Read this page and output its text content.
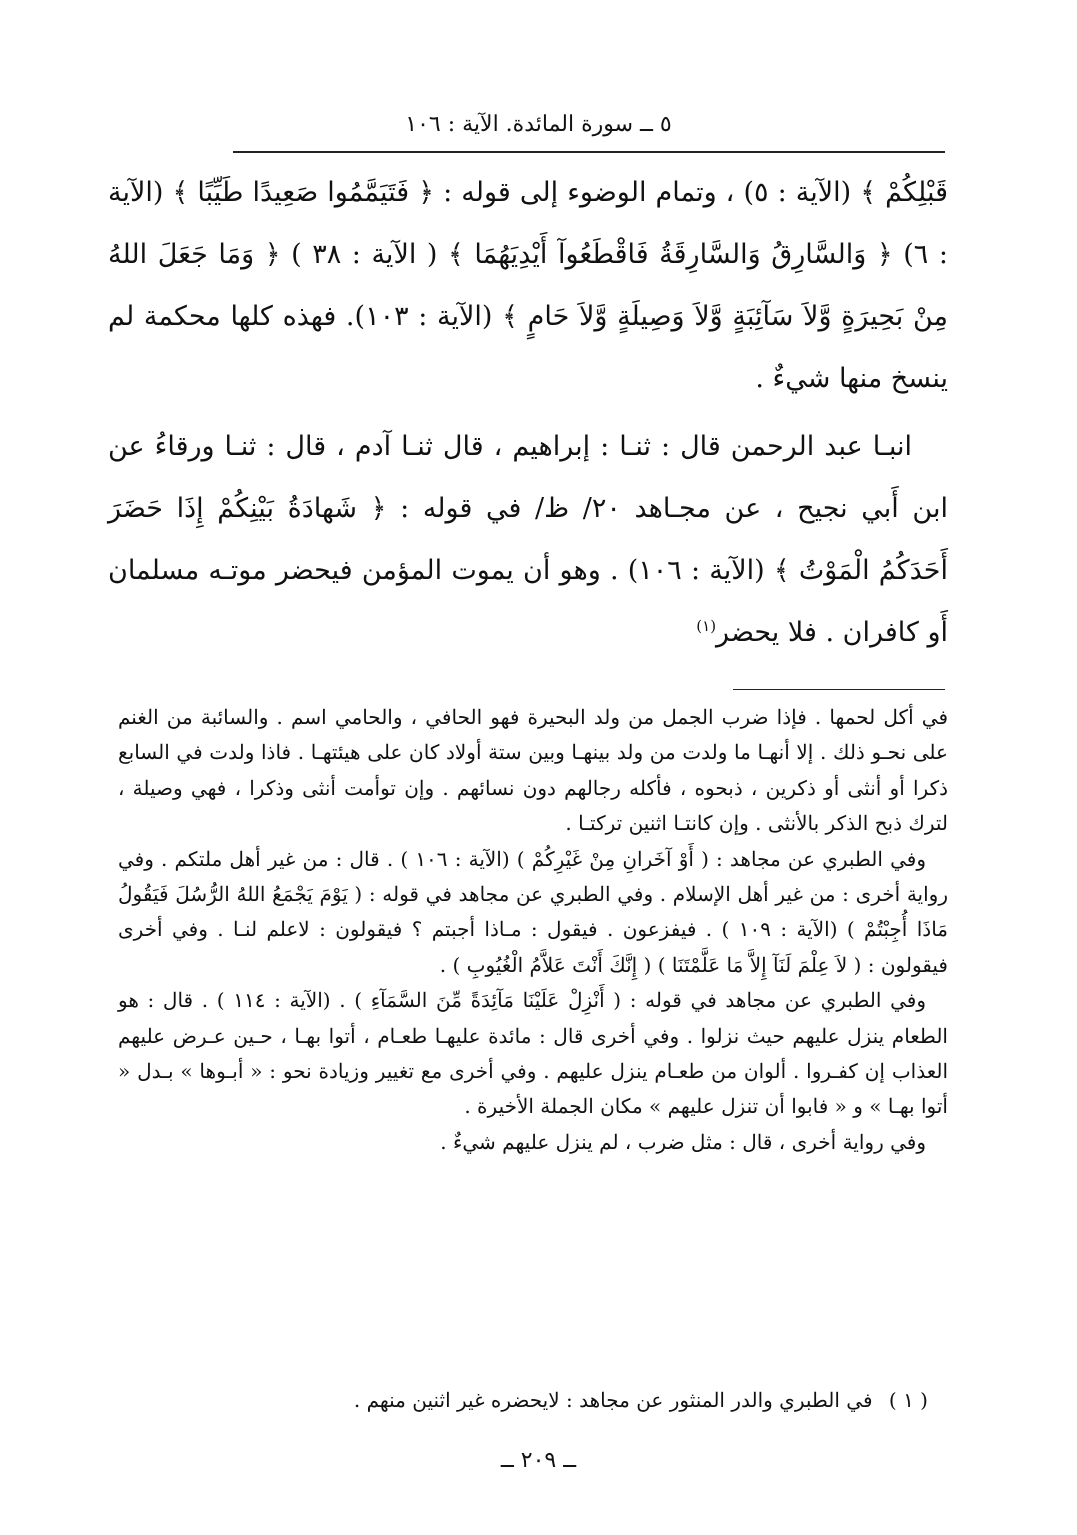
٥ ــ سورة المائدة. الآية : ١٠٦

قَبْلِكُمْ ﴾ (الآية : ٥) ، وتمام الوضوء إلى قوله : ﴿ فَتَيَمَّمُوا صَعِيدًا طَيِّبًا ﴾ (الآية : ٦) ﴿ وَالسَّارِقُ وَالسَّارِقَةُ فَاقْطَعُوآ أَيْدِيَهُمَا ﴾ ( الآية : ٣٨ ) ﴿ وَمَا جَعَلَ اللهُ مِنْ بَحِيرَةٍ وَّلاَ سَآئِبَةٍ وَّلاَ وَصِيلَةٍ وَّلاَ حَامٍ ﴾ (الآية : ١٠٣). فهذه كلها محكمة لم ينسخ منها شيءٌ .

انبـا عبد الرحمن قال : ثنـا : إبراهيم ، قال ثنـا آدم ، قال : ثنـا ورقاءُ عن ابن أَبي نجيح ، عن مجـاهد ٢٠/ ظ/ في قوله : ﴿ شَهادَةُ بَيْنِكُمْ إِذَا حَضَرَ أَحَدَكُمُ الْمَوْتُ ﴾ (الآية : ١٠٦) . وهو أن يموت المؤمن فيحضر موتـه مسلمان أَو كافران . فلا يحضر$^{(١)}$

في أكل لحمها . فإذا ضرب الجمل من ولد البحيرة فهو الحافي ، والحامي اسم . والسائبة من الغنم على نحـو ذلك . إلا أنهـا ما ولدت من ولد بينهـا وبين ستة أولاد كان على هيئتهـا . فاذا ولدت في السابع ذكرا أو أنثى أو ذكرين ، ذبحوه ، فأكله رجالهم دون نسائهم . وإن توأمت أنثى وذكرا ، فهي وصيلة ، لترك ذبح الذكر بالأنثى . وإن كانتـا اثنين تركتـا .

وفي الطبري عن مجاهد : ( أَوْ آخَرانِ مِنْ غَيْرِكُمْ ) (الآية : ١٠٦ ) . قال : من غير أهل ملتكم . وفي رواية أخرى : من غير أهل الإسلام . وفي الطبري عن مجاهد في قوله : ( يَوْمَ يَجْمَعُ اللهُ الرُّسُلَ فَيَقُولُ مَاذَا أُجِبْتُمْ ) (الآية : ١٠٩ ) . فيفزعون . فيقول : مـاذا أجبتم ؟ فيقولون : لاعلم لنـا . وفي أخرى فيقولون : ( لاَ عِلْمَ لَنَآ إِلاَّ مَا عَلَّمْتَنَا ) ( إِنَّكَ أَنْتَ عَلاَّمُ الْغُيُوبِ ) .

وفي الطبري عن مجاهد في قوله : ( أَنْزِلْ عَلَيْنَا مَآئِدَةً مِّنَ السَّمَآءِ ) . (الآية : ١١٤ ) . قال : هو الطعام ينزل عليهم حيث نزلوا . وفي أخرى قال : مائدة عليهـا طعـام ، أتوا بهـا ، حـين عـرض عليهم العذاب إن كفـروا . ألوان من طعـام ينزل عليهم . وفي أخرى مع تغيير وزيادة نحو : « أبـوها » بـدل « أتوا بهـا » و « فابوا أن تنزل عليهم » مكان الجملة الأخيرة .

وفي رواية أخرى ، قال : مثل ضرب ، لم ينزل عليهم شيءٌ .

( ١ ) في الطبري والدر المنثور عن مجاهد : لايحضره غير اثنين منهم .
ــ ٢٠٩ ــ
